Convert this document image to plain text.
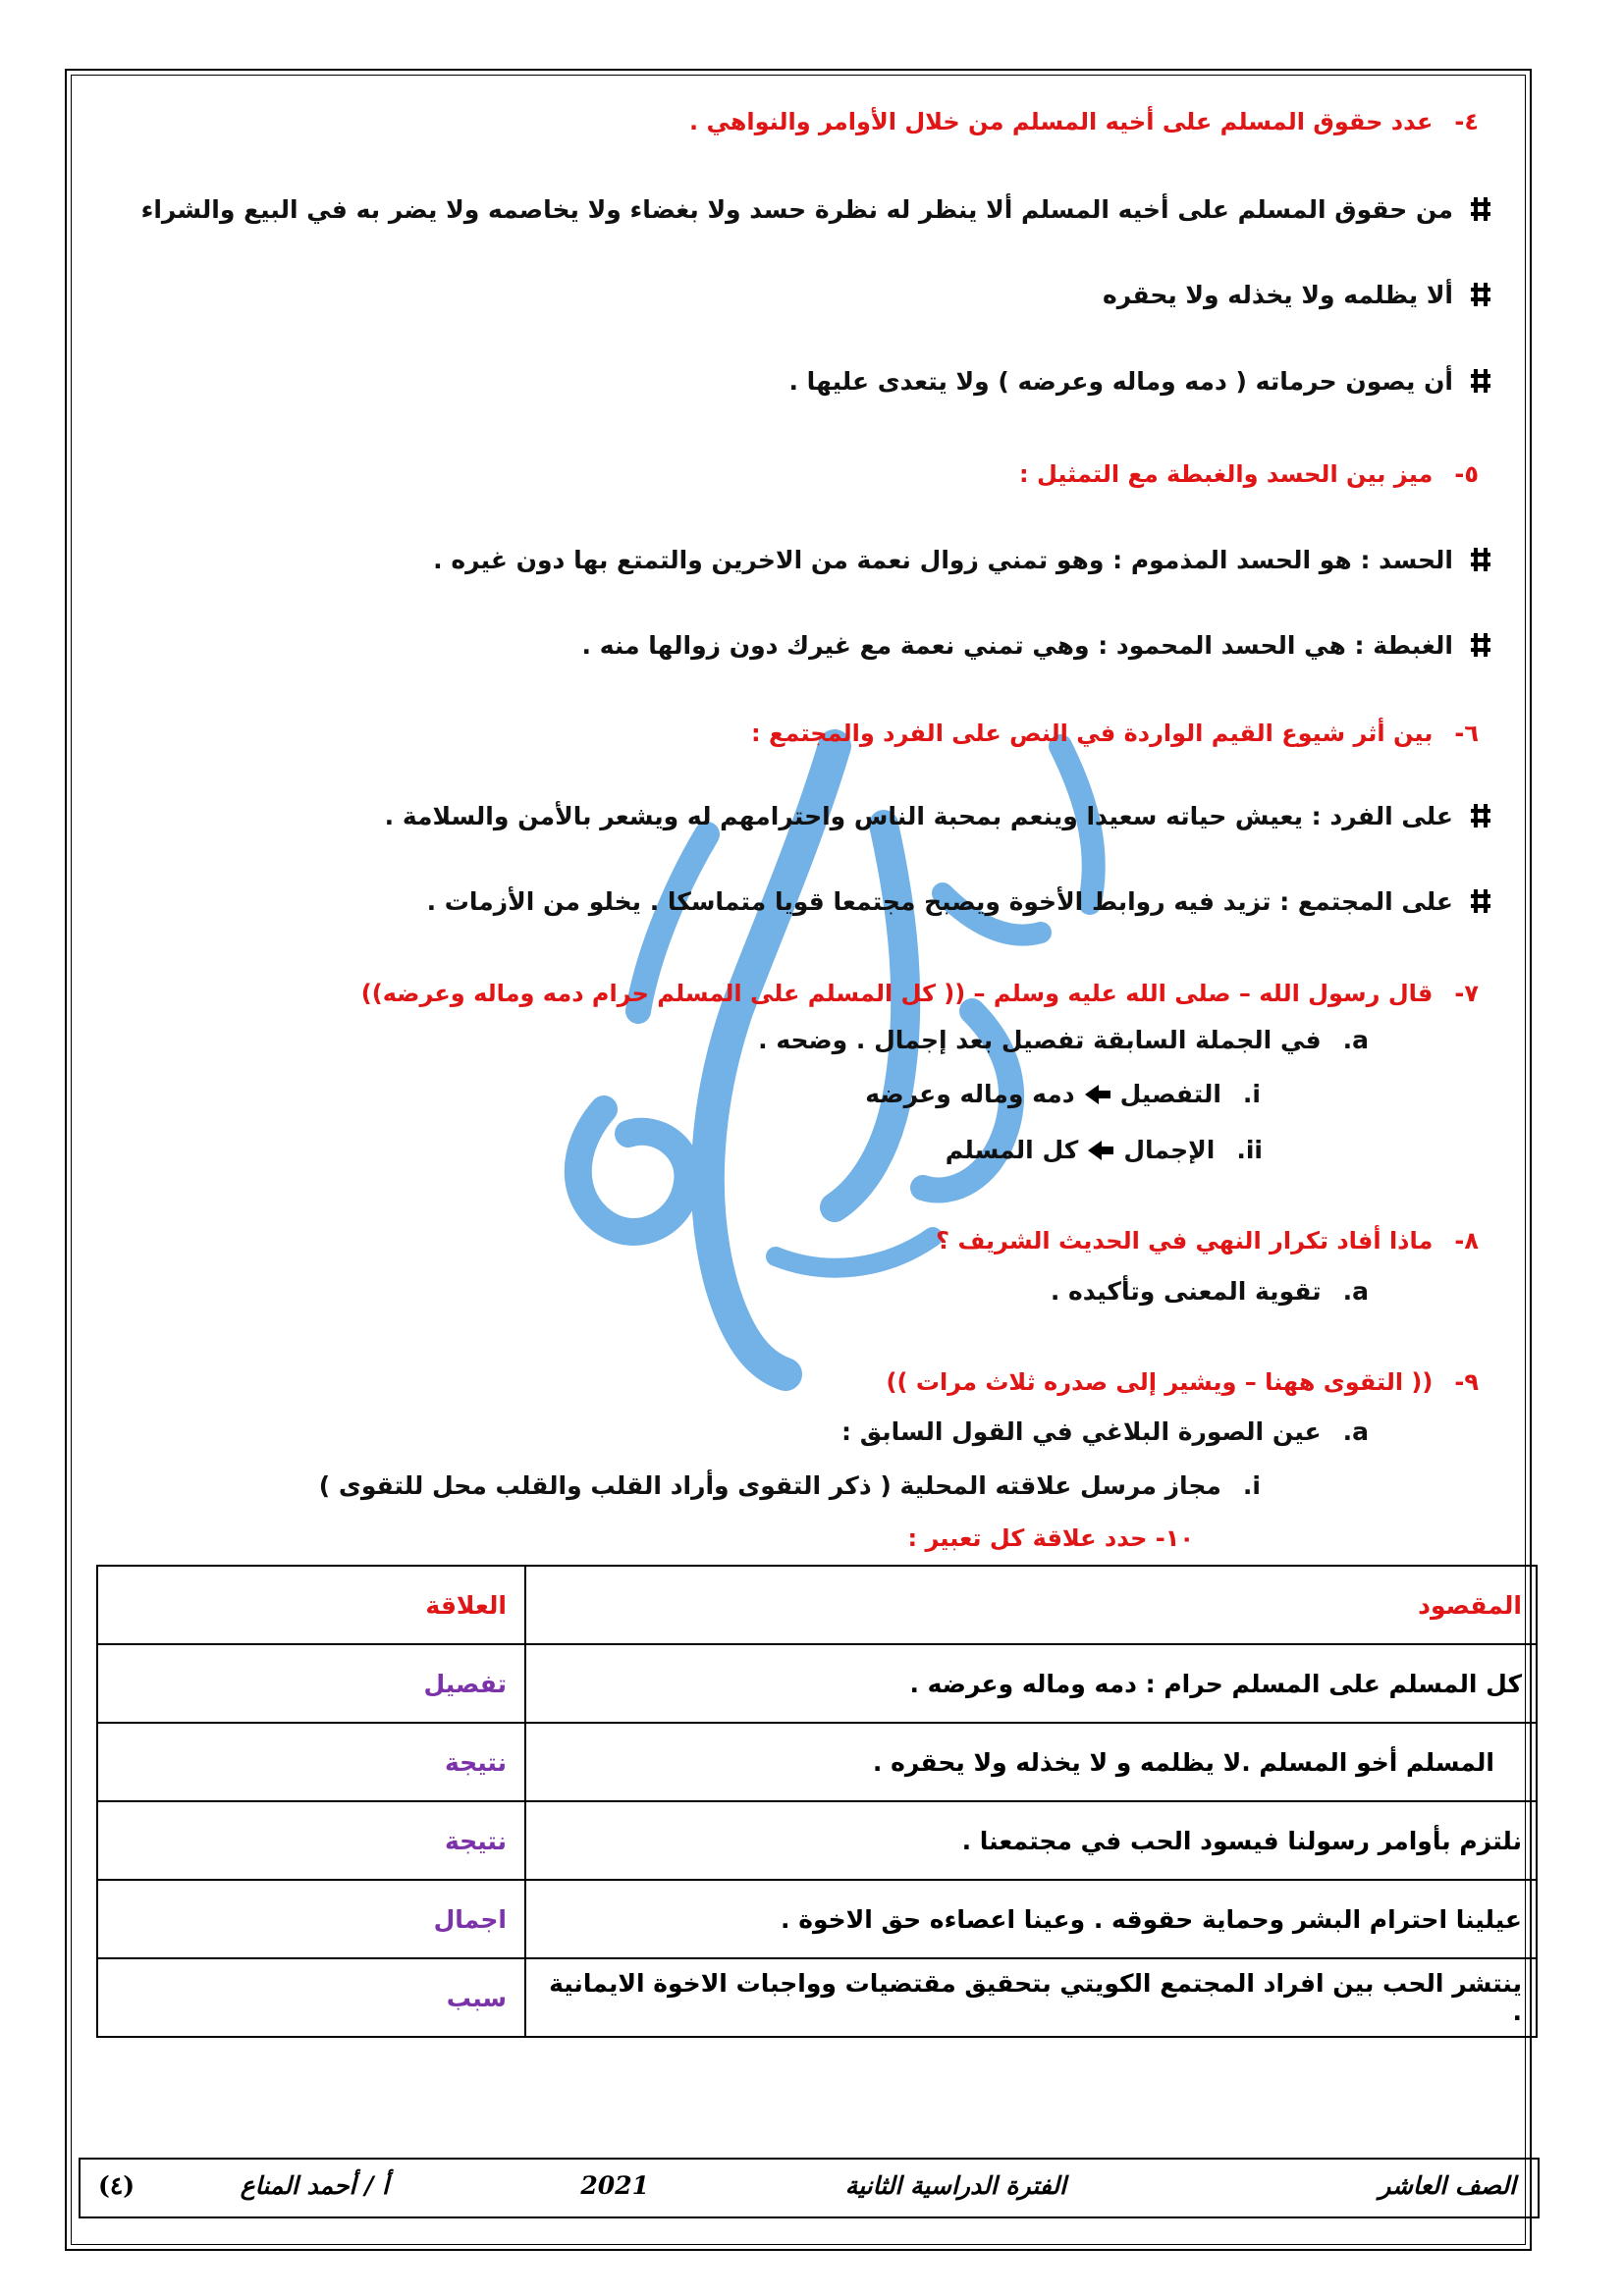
٤-عدد حقوق المسلم على أخيه المسلم من خلال الأوامر والنواهي .
من حقوق المسلم على أخيه المسلم ألا ينظر له نظرة حسد ولا بغضاء ولا يخاصمه ولا يضر به في البيع والشراء
ألا يظلمه ولا يخذله ولا يحقره
أن يصون حرماته ( دمه وماله وعرضه ) ولا يتعدى عليها .
٥-ميز بين الحسد والغبطة مع التمثيل :
الحسد : هو الحسد المذموم : وهو تمني زوال نعمة من الاخرين والتمتع بها دون غيره .
الغبطة : هي الحسد المحمود : وهي تمني نعمة مع غيرك دون زوالها منه .
٦-بين أثر شيوع القيم الواردة في النص على الفرد والمجتمع :
على الفرد : يعيش حياته سعيدا وينعم بمحبة الناس واحترامهم له ويشعر بالأمن والسلامة .
على المجتمع : تزيد فيه روابط الأخوة ويصبح مجتمعا قويا متماسكا . يخلو من الأزمات .
٧-قال رسول الله – صلى الله عليه وسلم – (( كل المسلم على المسلم حرام دمه وماله وعرضه))
a.في الجملة السابقة تفصيل بعد إجمال . وضحه .
i.التفصيلدمه وماله وعرضه
ii.الإجمالكل المسلم
٨-ماذا أفاد تكرار النهي في الحديث الشريف ؟
a.تقوية المعنى وتأكيده .
٩-(( التقوى ههنا – ويشير إلى صدره ثلاث مرات ))
a.عين الصورة البلاغي في القول السابق :
i.مجاز مرسل علاقته المحلية ( ذكر التقوى وأراد القلب والقلب محل للتقوى )
١٠- حدد علاقة كل تعبير :
المقصود	العلاقة
كل المسلم على المسلم حرام : دمه وماله وعرضه .	تفصيل
المسلم أخو المسلم .لا يظلمه و لا يخذله ولا يحقره .	نتيجة
نلتزم بأوامر رسولنا فيسود الحب في مجتمعنا .	نتيجة
عيلينا احترام البشر وحماية حقوقه . وعينا اعصاءه حق الاخوة .	اجمال
ينتشر الحب بين افراد المجتمع الكويتي بتحقيق مقتضيات وواجبات الاخوة الايمانية .	سبب
الصف العاشر
الفترة الدراسية الثانية
2021
أ / أحمد المناع
(٤)
